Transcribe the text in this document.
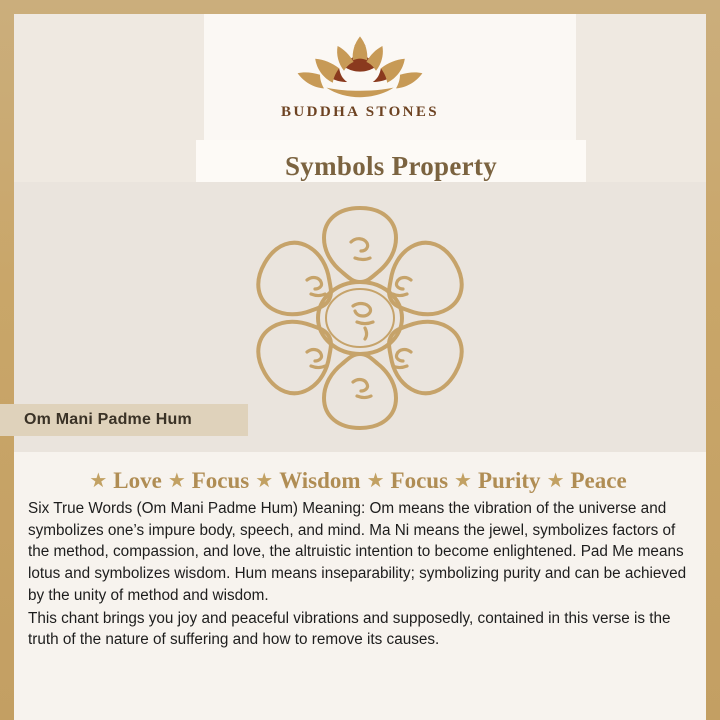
BUDDHA STONES
Symbols Property
Om Mani Padme Hum
★ Love ★ Focus ★ Wisdom ★ Focus ★ Purity ★ Peace

Six True Words (Om Mani Padme Hum) Meaning: Om means the vibration of the universe and symbolizes one’s impure body, speech, and mind. Ma Ni means the jewel, symbolizes factors of the method, compassion, and love, the altruistic intention to become enlightened. Pad Me means lotus and symbolizes wisdom. Hum means inseparability; symbolizing purity and can be achieved by the unity of method and wisdom.

This chant brings you joy and peaceful vibrations and supposedly, contained in this verse is the truth of the nature of suffering and how to remove its causes.
